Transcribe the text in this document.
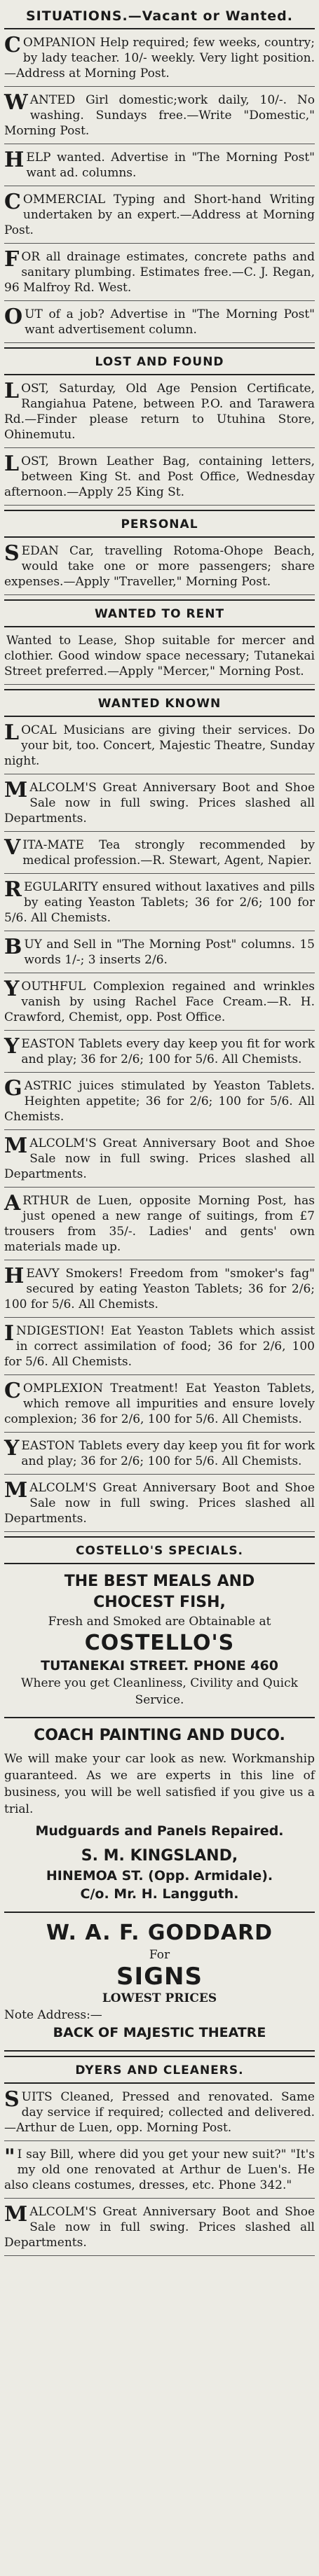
SITUATIONS.—Vacant or Wanted.
COMPANION Help required; few weeks, country; by lady teacher. 10/- weekly. Very light position.—Address at Morning Post.
WANTED Girl domestic;work daily, 10/-. No washing. Sundays free.—Write "Domestic," Morning Post.
HELP wanted. Advertise in "The Morning Post" want ad. columns.
COMMERCIAL Typing and Short-hand Writing undertaken by an expert.—Address at Morning Post.
FOR all drainage estimates, concrete paths and sanitary plumbing. Estimates free.—C. J. Regan, 96 Malfroy Rd. West.
OUT of a job? Advertise in "The Morning Post" want advertisement column.
LOST AND FOUND
LOST, Saturday, Old Age Pension Certificate, Rangiahua Patene, between P.O. and Tarawera Rd.—Finder please return to Utuhina Store, Ohinemutu.
LOST, Brown Leather Bag, containing letters, between King St. and Post Office, Wednesday afternoon.—Apply 25 King St.
PERSONAL
SEDAN Car, travelling Rotoma-Ohope Beach, would take one or more passengers; share expenses.—Apply "Traveller," Morning Post.
WANTED TO RENT
Wanted to Lease, Shop suitable for mercer and clothier. Good window space necessary; Tutanekai Street preferred.—Apply "Mercer," Morning Post.
WANTED KNOWN
LOCAL Musicians are giving their services. Do your bit, too. Concert, Majestic Theatre, Sunday night.
MALCOLM'S Great Anniversary Boot and Shoe Sale now in full swing. Prices slashed all Departments.
VITA-MATE Tea strongly recommended by medical profession.—R. Stewart, Agent, Napier.
REGULARITY ensured without laxatives and pills by eating Yeaston Tablets; 36 for 2/6; 100 for 5/6. All Chemists.
BUY and Sell in "The Morning Post" columns. 15 words 1/-; 3 inserts 2/6.
YOUTHFUL Complexion regained and wrinkles vanish by using Rachel Face Cream.—R. H. Crawford, Chemist, opp. Post Office.
YEASTON Tablets every day keep you fit for work and play; 36 for 2/6; 100 for 5/6. All Chemists.
GASTRIC juices stimulated by Yeaston Tablets. Heighten appetite; 36 for 2/6; 100 for 5/6. All Chemists.
MALCOLM'S Great Anniversary Boot and Shoe Sale now in full swing. Prices slashed all Departments.
ARTHUR de Luen, opposite Morning Post, has just opened a new range of suitings, from £7 trousers from 35/-. Ladies' and gents' own materials made up.
HEAVY Smokers! Freedom from "smoker's fag" secured by eating Yeaston Tablets; 36 for 2/6; 100 for 5/6. All Chemists.
INDIGESTION! Eat Yeaston Tablets which assist in correct assimilation of food; 36 for 2/6, 100 for 5/6. All Chemists.
COMPLEXION Treatment! Eat Yeaston Tablets, which remove all impurities and ensure lovely complexion; 36 for 2/6, 100 for 5/6. All Chemists.
YEASTON Tablets every day keep you fit for work and play; 36 for 2/6; 100 for 5/6. All Chemists.
MALCOLM'S Great Anniversary Boot and Shoe Sale now in full swing. Prices slashed all Departments.
COSTELLO'S SPECIALS.
THE BEST MEALS AND
CHOCEST FISH,
Fresh and Smoked are Obtainable at
COSTELLO'S
TUTANEKAI STREET. PHONE 460
Where you get Cleanliness, Civility and Quick Service.
COACH PAINTING AND DUCO.
We will make your car look as new. Workmanship guaranteed. As we are experts in this line of business, you will be well satisfied if you give us a trial.
Mudguards and Panels Repaired.
S. M. KINGSLAND,
HINEMOA ST. (Opp. Armidale).
C/o. Mr. H. Langguth.
W. A. F. GODDARD
For
SIGNS
LOWEST PRICES
Note Address:—
BACK OF MAJESTIC THEATRE
DYERS AND CLEANERS.
SUITS Cleaned, Pressed and renovated. Same day service if required; collected and delivered.—Arthur de Luen, opp. Morning Post.
" I say Bill, where did you get your new suit?" "It's my old one renovated at Arthur de Luen's. He also cleans costumes, dresses, etc. Phone 342."
MALCOLM'S Great Anniversary Boot and Shoe Sale now in full swing. Prices slashed all Departments.
